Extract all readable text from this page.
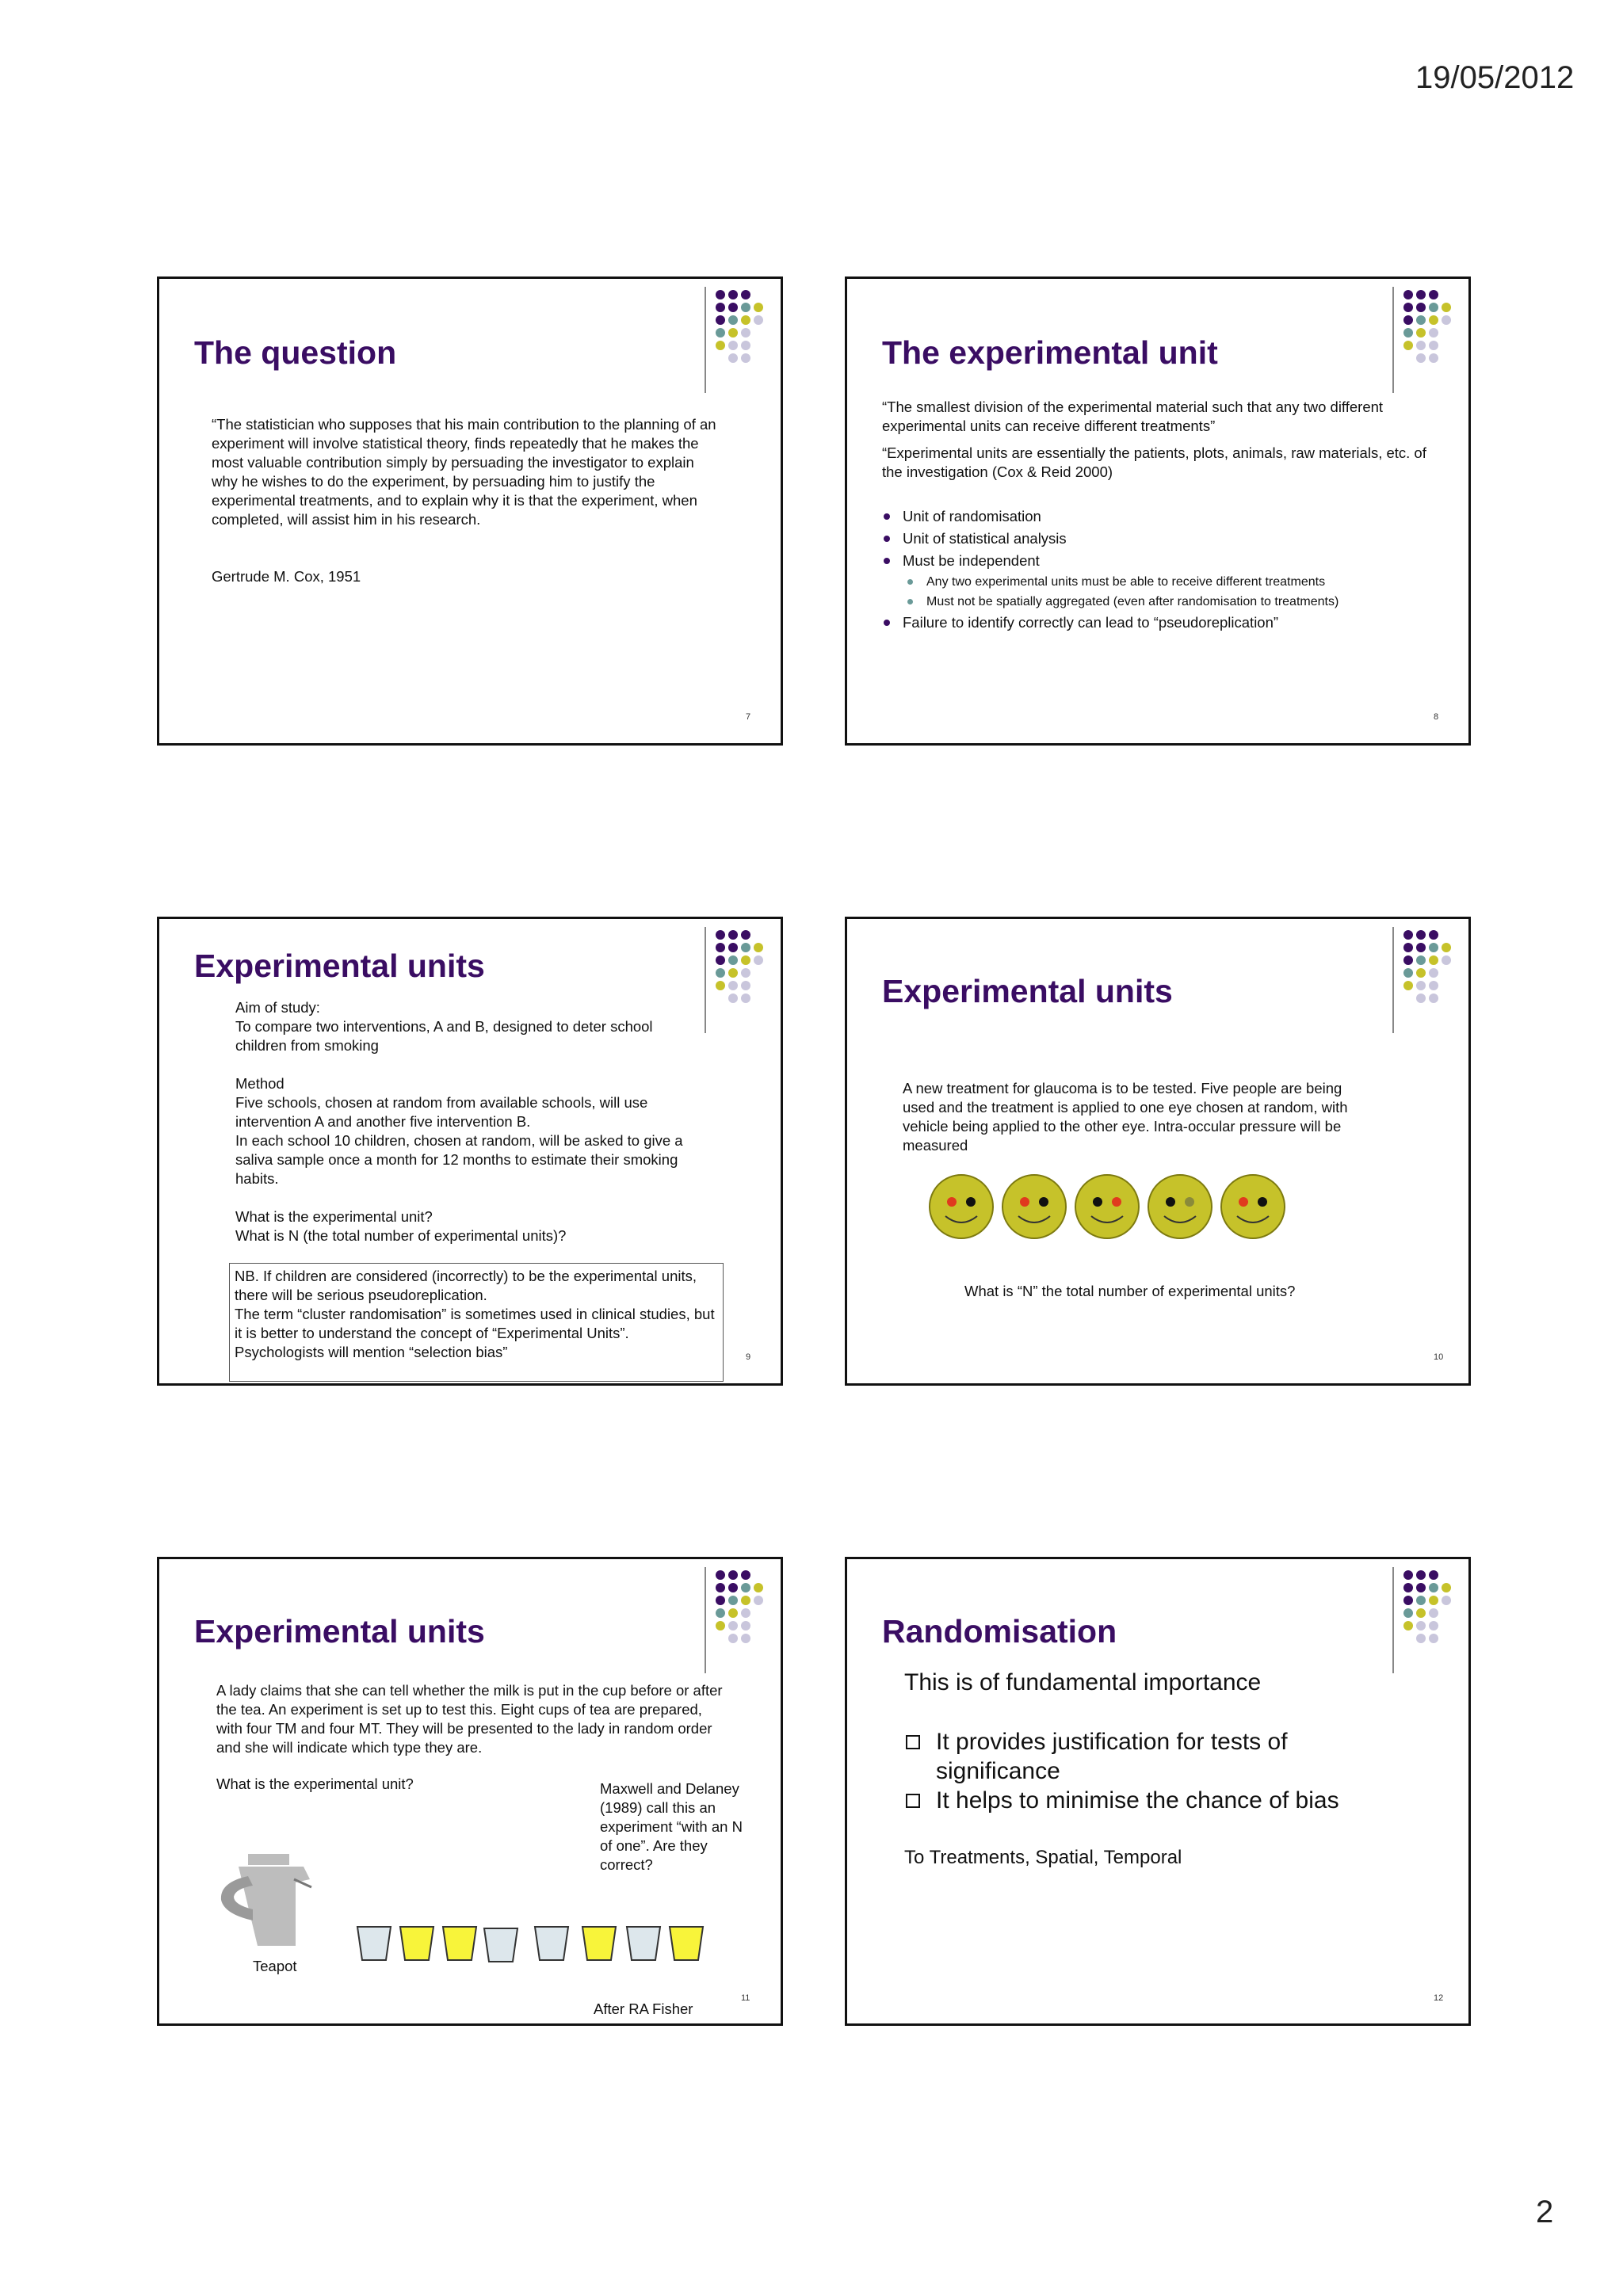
19/05/2012
The question
“The statistician who supposes that his main contribution to the planning of an experiment will involve statistical theory, finds repeatedly that he makes the most valuable contribution simply by persuading the investigator to explain why he wishes to do the experiment, by persuading him to justify the experimental treatments, and to explain why it is that the experiment, when completed, will assist him in his research.
Gertrude M. Cox, 1951
7
The experimental unit
“The smallest division of the experimental material such that any two different experimental units can receive different treatments”
“Experimental units are essentially the patients, plots, animals, raw materials, etc. of the investigation (Cox & Reid 2000)
Unit of randomisation
Unit of statistical analysis
Must be independent
Any two experimental units must be able to receive different treatments
Must not be spatially aggregated (even after randomisation to treatments)
Failure to identify correctly can lead to “pseudoreplication”
8
Experimental units
Aim of study:
To compare two interventions, A and B, designed to deter school children from smoking
Method
Five schools, chosen at random from available schools, will use intervention A and another five intervention B.
In each school 10 children, chosen at random, will be asked to give a saliva sample once a month for 12 months to estimate their smoking habits.
What is the experimental unit?
What is N (the total number of experimental units)?
NB. If children are considered (incorrectly) to be the experimental units, there will be serious pseudoreplication.
The term “cluster randomisation” is sometimes used in clinical studies, but it is better to understand the concept of “Experimental Units”.
Psychologists will mention “selection bias”	9
Experimental units
A new treatment for glaucoma is to be tested. Five people are being used and the treatment is applied to one eye chosen at random, with vehicle being applied to the other eye. Intra-occular pressure will be measured
What is “N” the total number of experimental units?
10
Experimental units
A lady claims that she can tell whether the milk is put in the cup before or after the tea. An experiment is set up to test this. Eight cups of tea are prepared, with four TM and four MT. They will be presented to the lady in random order and she will indicate which type they are.
What is the experimental unit?	Maxwell and Delaney (1989) call this an experiment “with an N of one”. Are they correct?
Teapot
After RA Fisher
11
Randomisation
This is of fundamental importance
It provides justification for tests of significance
It helps to minimise the chance of bias
To Treatments, Spatial, Temporal
12
2
